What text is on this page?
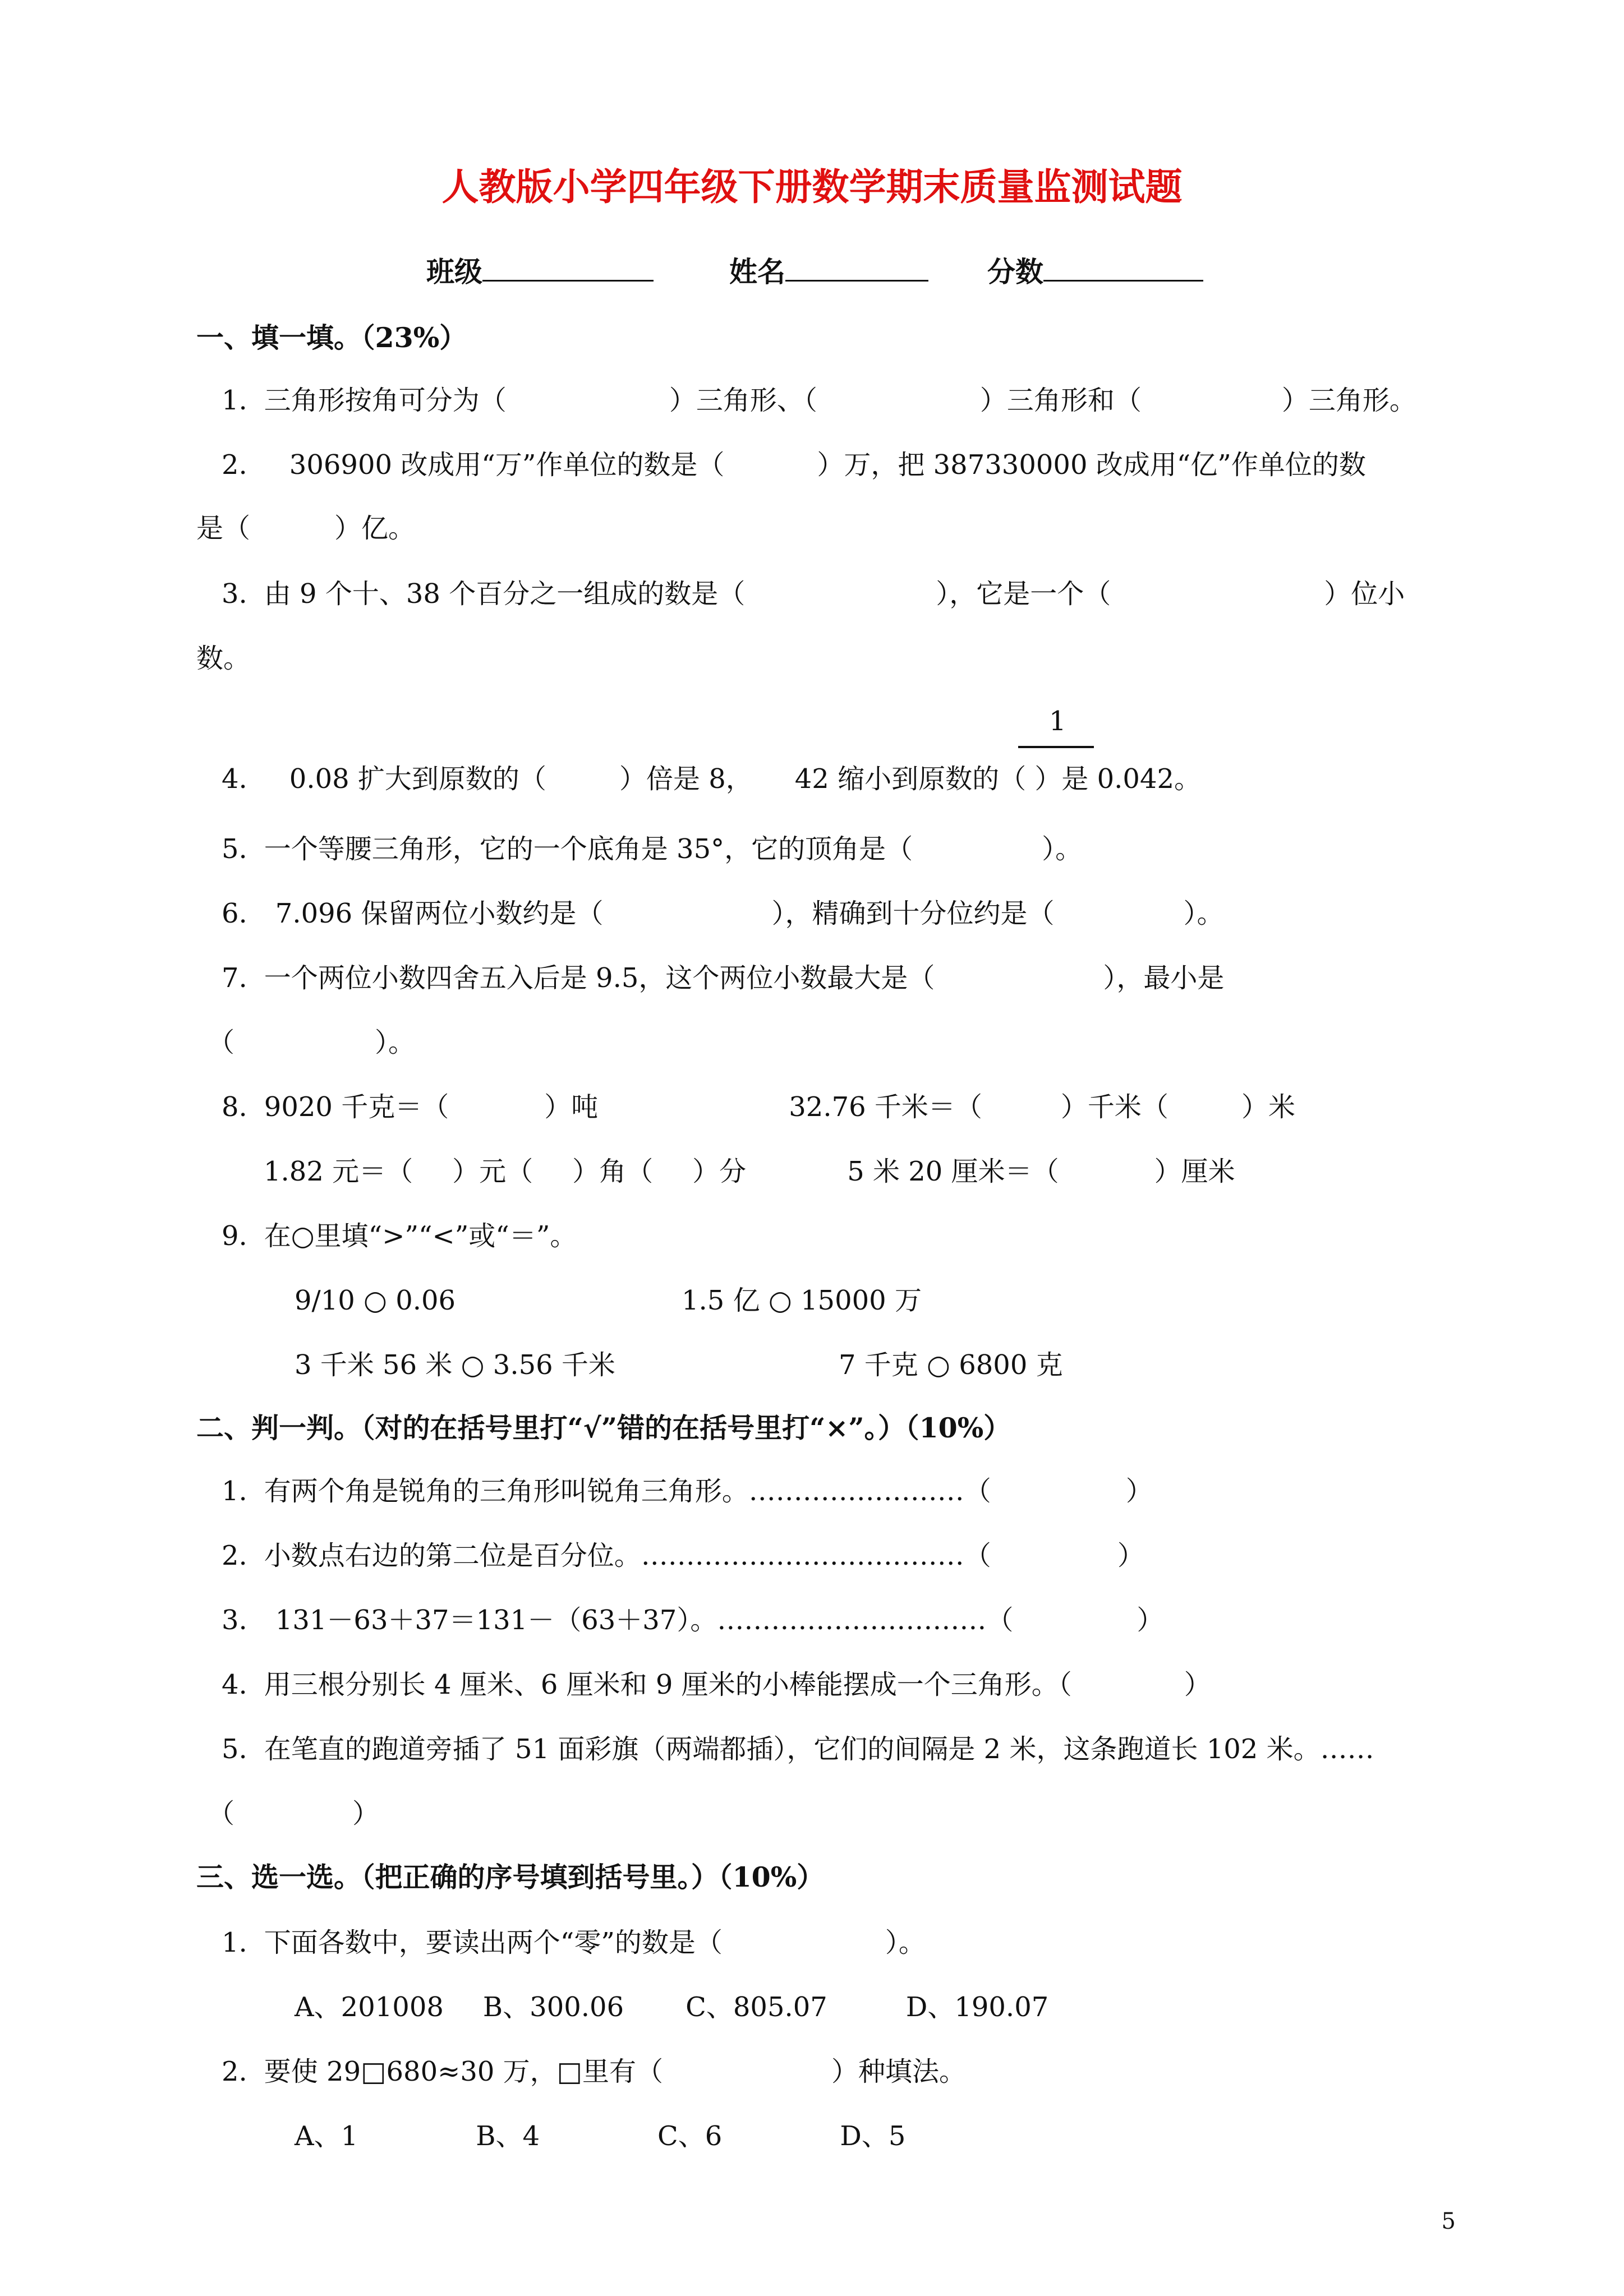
人教版小学四年级下册数学期末质量监测试题
班级	姓名	分数
一、填一填。（23%）
1. 三角形按角可分为（	）三角形、（	）三角形和（	）三角形。
2. 306900 改成用“万”作单位的数是（	）万，把 387330000 改成用“亿”作单位的数
是（	）亿。
3. 由 9 个十、38 个百分之一组成的数是（	），它是一个（	）位小
数。
1
4. 0.08 扩大到原数的（	）倍是 8， 42 缩小到原数的（ ）是 0.042。
5. 一个等腰三角形，它的一个底角是 35°，它的顶角是（	）。
6. 7.096 保留两位小数约是（	），精确到十分位约是（	）。
7. 一个两位小数四舍五入后是 9.5，这个两位小数最大是（	），最小是
（	）。
8. 9020 千克＝（	）吨	32.76 千米＝（	）千米（	）米
1.82 元＝（ ）元（ ）角（ ）分	5 米 20 厘米＝（	）厘米
9. 在○里填“>”“<”或“＝”。
9/10 ○ 0.06	1.5 亿 ○ 15000 万
3 千米 56 米 ○ 3.56 千米	7 千克 ○ 6800 克
二、判一判。（对的在括号里打“√”错的在括号里打“×”。）（10%）
1. 有两个角是锐角的三角形叫锐角三角形。……………………（	）
2. 小数点右边的第二位是百分位。………………………………（	）
3. 131－63＋37＝131－（63＋37）。…………………………（	）
4. 用三根分别长 4 厘米、6 厘米和 9 厘米的小棒能摆成一个三角形。（	）
5. 在笔直的跑道旁插了 51 面彩旗（两端都插），它们的间隔是 2 米，这条跑道长 102 米。……
（	）
三、选一选。（把正确的序号填到括号里。）（10%）
1. 下面各数中，要读出两个“零”的数是（	）。
A、201008 B、300.06 C、805.07	D、190.07
2. 要使 29□680≈30 万，□里有（	）种填法。
A、1	B、4	C、6	D、5
5
